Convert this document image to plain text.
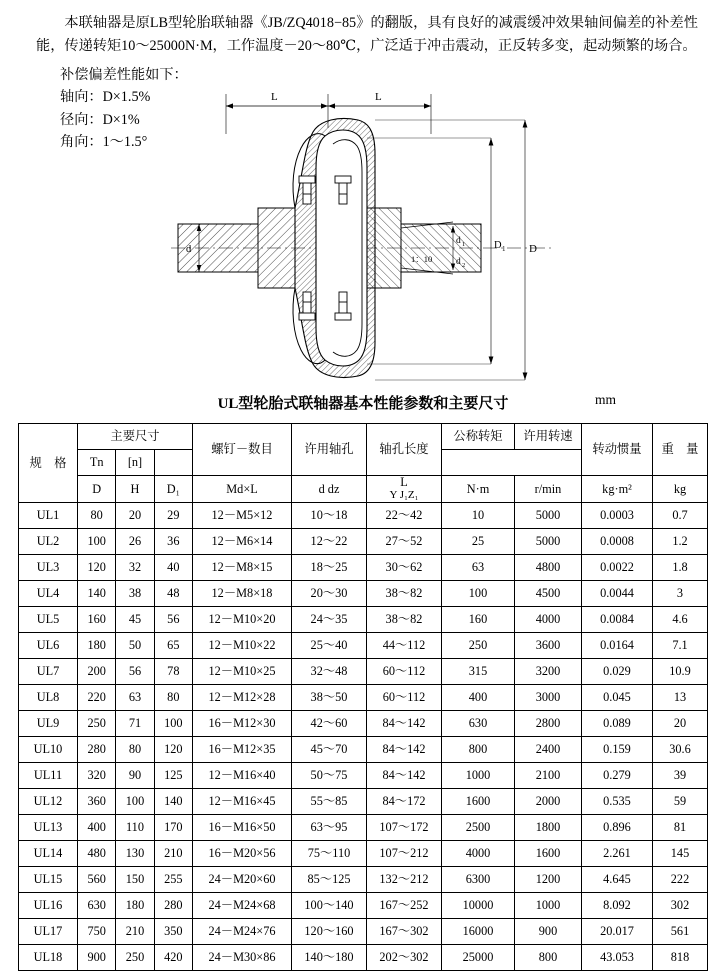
本联轴器是原LB型轮胎联轴器《JB/ZQ4018−85》的翻版，具有良好的减震缓冲效果轴间偏差的补差性能，传递转矩10～25000N·M，工作温度－20～80℃，广泛适于冲击震动，正反转多变，起动频繁的场合。

补偿偏差性能如下：
轴向：D×1.5%
径向：D×1%
角向：1～1.5°
L	L
1：10
d
d 1
d 2
D 1 D
UL型轮胎式联轴器基本性能参数和主要尺寸	mm
规　格	主要尺寸			螺钉－数目	许用轴孔	轴孔长度	公称转矩	许用转速	转动惯量	重　量
	Tn	[n]								
	D	H	D₁	Md×L	d dz	L
Y J₁Z₁	N·m	r/min	kg·m²	kg
UL1	80	20	29	12－M5×12	10～18	22～42	10	5000	0.0003	0.7
UL2	100	26	36	12－M6×14	12～22	27～52	25	5000	0.0008	1.2
UL3	120	32	40	12－M8×15	18～25	30～62	63	4800	0.0022	1.8
UL4	140	38	48	12－M8×18	20～30	38～82	100	4500	0.0044	3
UL5	160	45	56	12－M10×20	24～35	38～82	160	4000	0.0084	4.6
UL6	180	50	65	12－M10×22	25～40	44～112	250	3600	0.0164	7.1
UL7	200	56	78	12－M10×25	32～48	60～112	315	3200	0.029	10.9
UL8	220	63	80	12－M12×28	38～50	60～112	400	3000	0.045	13
UL9	250	71	100	16－M12×30	42～60	84～142	630	2800	0.089	20
UL10	280	80	120	16－M12×35	45～70	84～142	800	2400	0.159	30.6
UL11	320	90	125	12－M16×40	50～75	84～142	1000	2100	0.279	39
UL12	360	100	140	12－M16×45	55～85	84～172	1600	2000	0.535	59
UL13	400	110	170	16－M16×50	63～95	107～172	2500	1800	0.896	81
UL14	480	130	210	16－M20×56	75～110	107～212	4000	1600	2.261	145
UL15	560	150	255	24－M20×60	85～125	132～212	6300	1200	4.645	222
UL16	630	180	280	24－M24×68	100～140	167～252	10000	1000	8.092	302
UL17	750	210	350	24－M24×76	120～160	167～302	16000	900	20.017	561
UL18	900	250	420	24－M30×86	140～180	202～302	25000	800	43.053	818
